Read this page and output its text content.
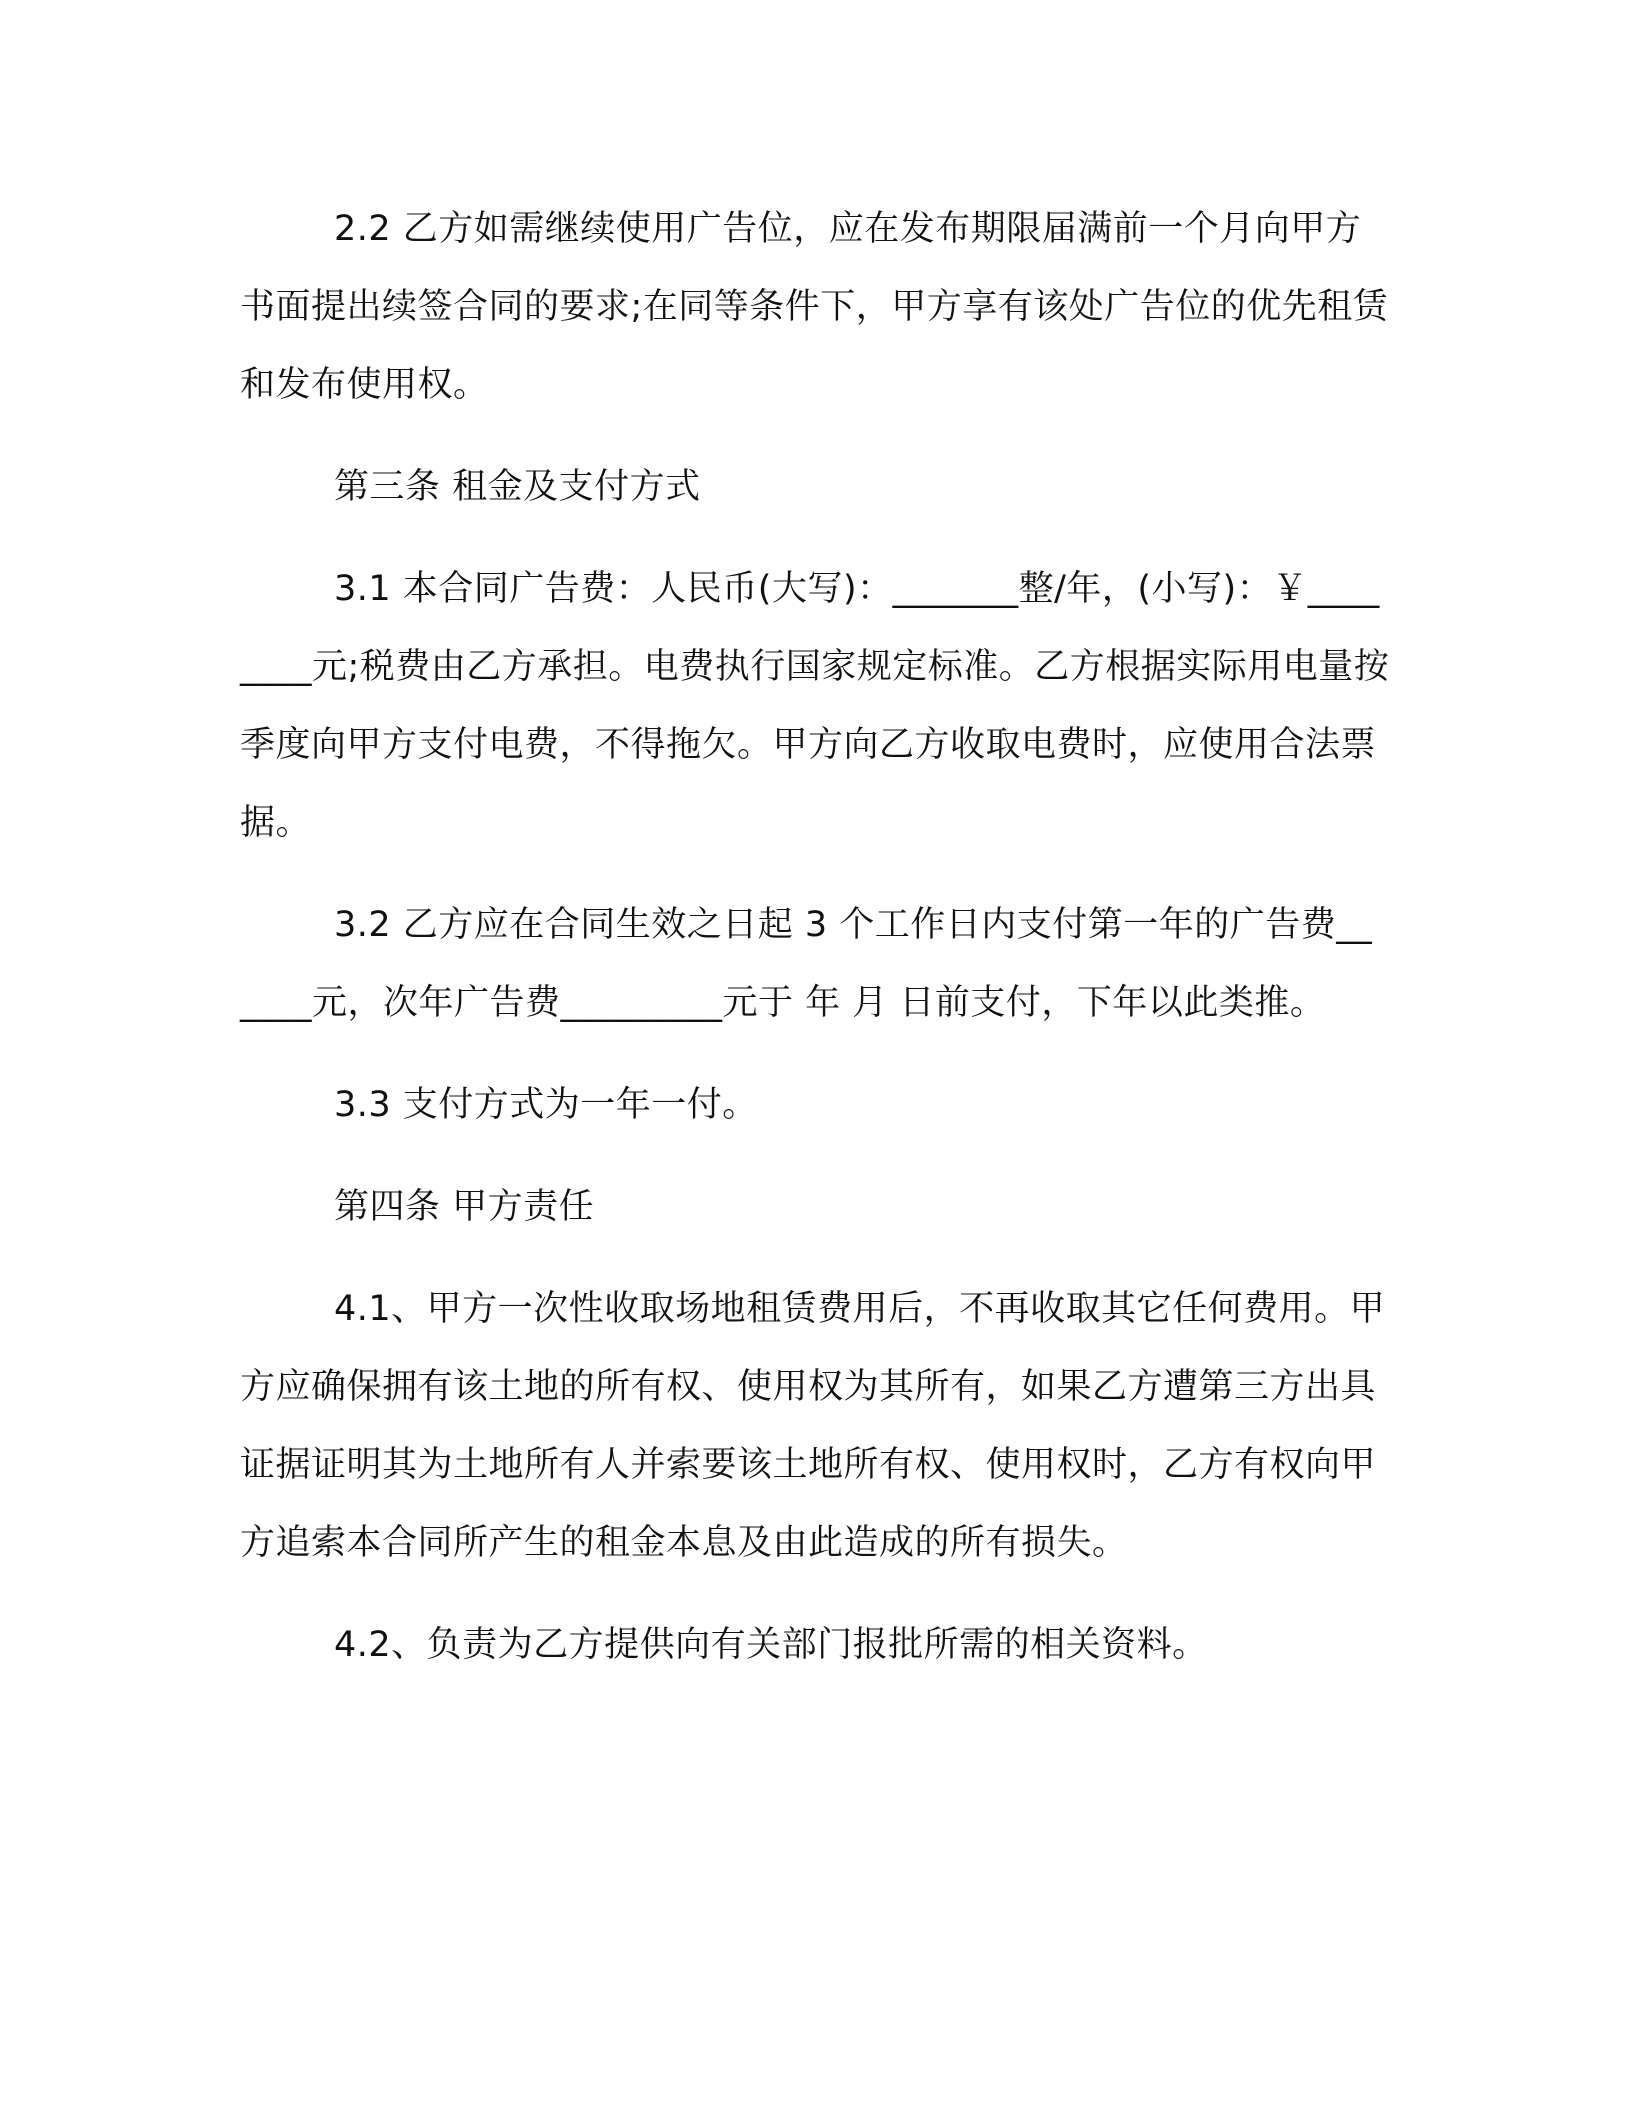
2.2 乙方如需继续使用广告位，应在发布期限届满前一个月向甲方书面提出续签合同的要求;在同等条件下，甲方享有该处广告位的优先租赁和发布使用权。

第三条 租金及支付方式

3.1 本合同广告费：人民币(大写)：_______整/年，(小写)：￥________元;税费由乙方承担。电费执行国家规定标准。乙方根据实际用电量按季度向甲方支付电费，不得拖欠。甲方向乙方收取电费时，应使用合法票据。

3.2 乙方应在合同生效之日起 3 个工作日内支付第一年的广告费______元，次年广告费_________元于 年 月 日前支付，下年以此类推。

3.3 支付方式为一年一付。

第四条 甲方责任

4.1、甲方一次性收取场地租赁费用后，不再收取其它任何费用。甲方应确保拥有该土地的所有权、使用权为其所有，如果乙方遭第三方出具证据证明其为土地所有人并索要该土地所有权、使用权时，乙方有权向甲方追索本合同所产生的租金本息及由此造成的所有损失。

4.2、负责为乙方提供向有关部门报批所需的相关资料。
